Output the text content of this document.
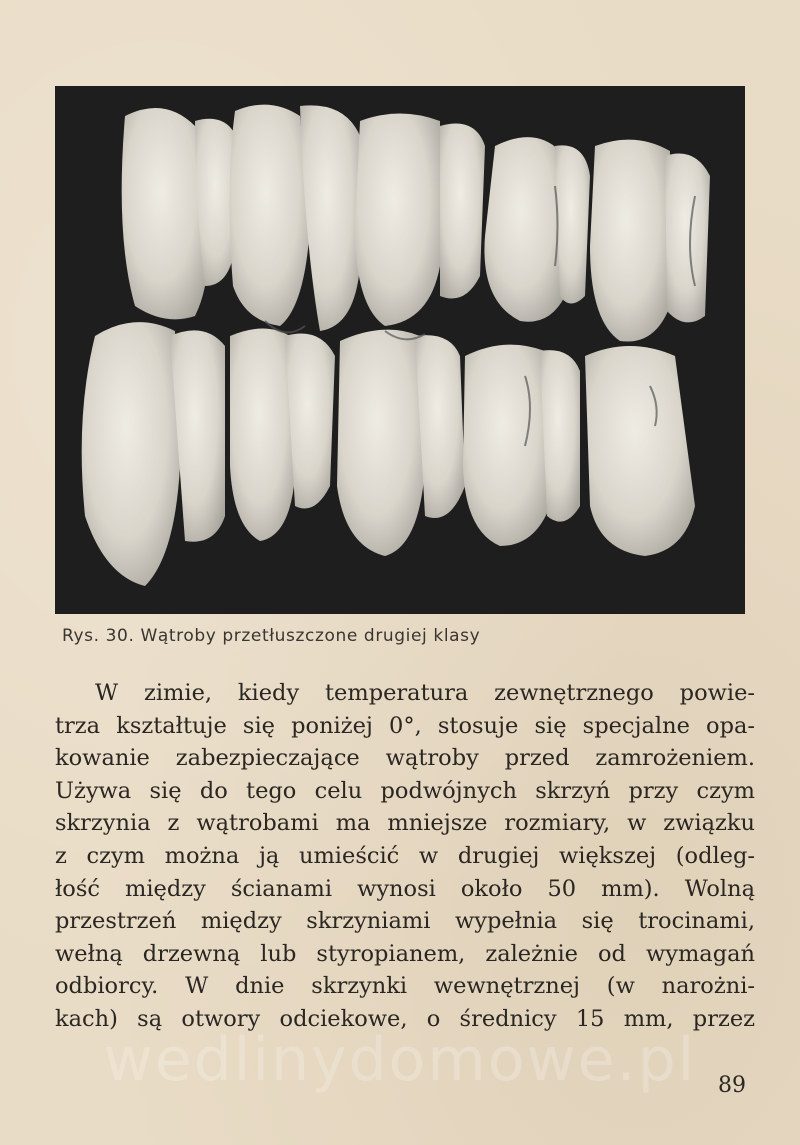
Rys. 30. Wątroby przetłuszczone drugiej klasy
W zimie, kiedy temperatura zewnętrznego powie-
trza kształtuje się poniżej 0°, stosuje się specjalne opa-
kowanie zabezpieczające wątroby przed zamrożeniem.
Używa się do tego celu podwójnych skrzyń przy czym
skrzynia z wątrobami ma mniejsze rozmiary, w związku
z czym można ją umieścić w drugiej większej (odleg-
łość między ścianami wynosi około 50 mm). Wolną
przestrzeń między skrzyniami wypełnia się trocinami,
wełną drzewną lub styropianem, zależnie od wymagań
odbiorcy. W dnie skrzynki wewnętrznej (w narożni-
kach) są otwory odciekowe, o średnicy 15 mm, przez
wedlinydomowe.pl 89
